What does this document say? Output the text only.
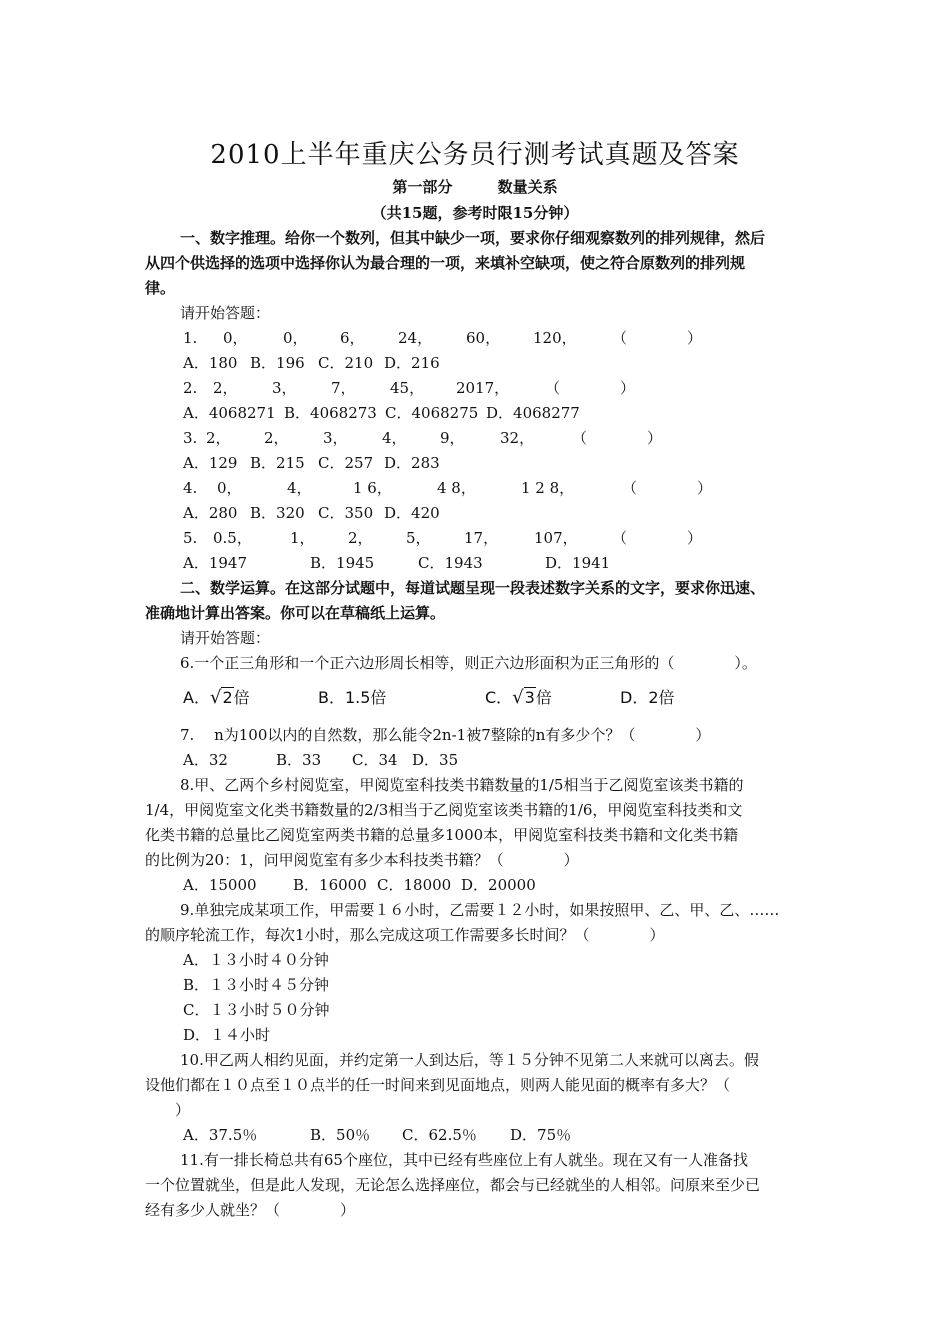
2010上半年重庆公务员行测考试真题及答案
第一部分	数量关系
（共15题，参考时限15分钟）
一、数字推理。给你一个数列，但其中缺少一项，要求你仔细观察数列的排列规律，然后
从四个供选择的选项中选择你认为最合理的一项，来填补空缺项，使之符合原数列的排列规
律。
请开始答题：
1. 0， 0， 6， 24， 60， 120， （　　　　）
A．180 B．196 C．210 D．216
2. 2， 3， 7， 45， 2017， （　　　　）
A．4068271 B．4068273 C．4068275 D．4068277
3. 2， 2， 3， 4， 9， 32，	（　　　　）
A．129 B．215 C．257 D．283
4. 0，	4，	1 6，	4 8，	1 2 8，	（　　　　）
A．280 B．320 C．350 D．420
5. 0.5，	1， 2， 5， 17， 107， （　　　　）
A．1947	B．1945	C．1943	D．1941
二、数学运算。在这部分试题中，每道试题呈现一段表述数字关系的文字，要求你迅速、
准确地计算出答案。你可以在草稿纸上运算。
请开始答题：
6.一个正三角形和一个正六边形周长相等，则正六边形面积为正三角形的（　　　　）。
A．√2倍	B．1.5倍	C．√3倍	D．2倍
7.　 n为100以内的自然数，那么能令2n-1被7整除的n有多少个？（　　　　）
A．32	B．33 C．34 D．35
8.甲、乙两个乡村阅览室，甲阅览室科技类书籍数量的1/5相当于乙阅览室该类书籍的
1/4，甲阅览室文化类书籍数量的2/3相当于乙阅览室该类书籍的1/6，甲阅览室科技类和文
化类书籍的总量比乙阅览室两类书籍的总量多1000本，甲阅览室科技类书籍和文化类书籍
的比例为20：1，问甲阅览室有多少本科技类书籍？（　　　　）
A．15000 B．16000 C．18000 D．20000
9.单独完成某项工作，甲需要１６小时，乙需要１２小时，如果按照甲、乙、甲、乙、……
的顺序轮流工作，每次1小时，那么完成这项工作需要多长时间？（　　　　）
A．１３小时４０分钟
B．１３小时４５分钟
C．１３小时５０分钟
D．１４小时
10.甲乙两人相约见面，并约定第一人到达后，等１５分钟不见第二人来就可以离去。假
设他们都在１０点至１０点半的任一时间来到见面地点，则两人能见面的概率有多大？（
　）
A．37.5％	B．50％ C．62.5％ D．75％
11.有一排长椅总共有65个座位，其中已经有些座位上有人就坐。现在又有一人准备找
一个位置就坐，但是此人发现，无论怎么选择座位，都会与已经就坐的人相邻。问原来至少已
经有多少人就坐？（　　　　）
